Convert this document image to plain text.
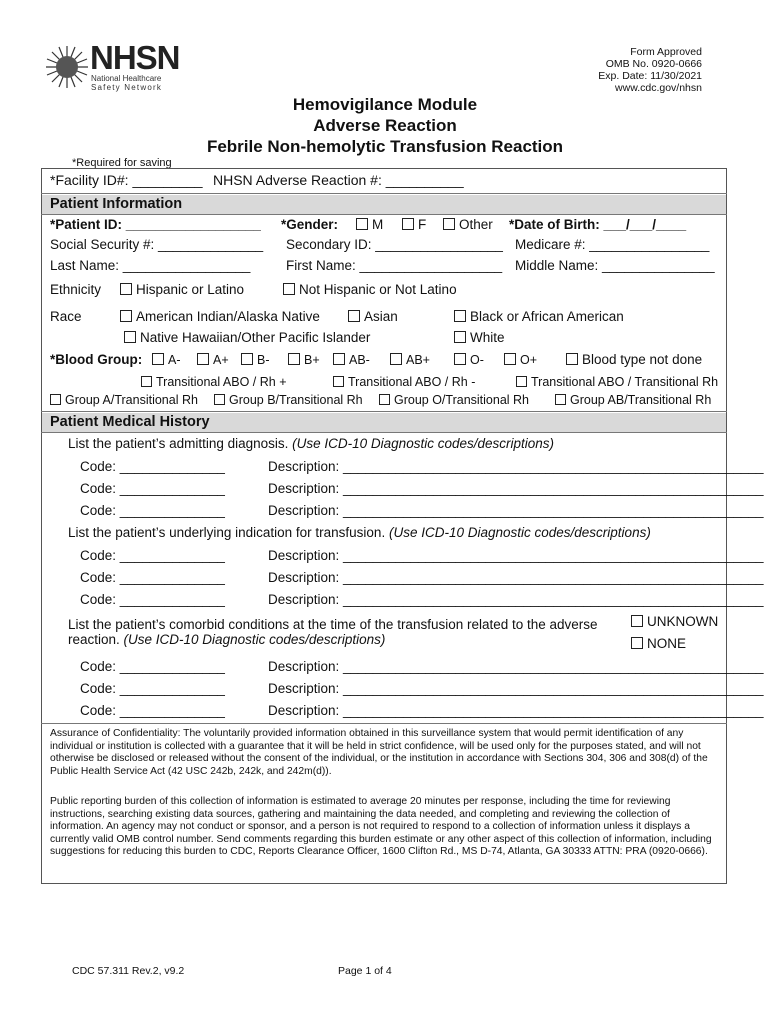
NHSN
National Healthcare
Safety Network
Form Approved
OMB No. 0920-0666
Exp. Date: 11/30/2021
www.cdc.gov/nhsn
Hemovigilance Module
Adverse Reaction
Febrile Non-hemolytic Transfusion Reaction
*Required for saving
*Facility ID#: _________ NHSN Adverse Reaction #: __________
Patient Information
*Patient ID: __________________ *Gender:	M	F	Other *Date of Birth: ___/___/____
Social Security #: ______________ Secondary ID: _________________ Medicare #: ________________
Last Name: _________________	First Name: ___________________ Middle Name: _______________
Ethnicity	Hispanic or Latino	Not Hispanic or Not Latino
Race	American Indian/Alaska Native	Asian	Black or African American
Native Hawaiian/Other Pacific Islander	White
*Blood Group:	A-	A+	B-	B+	AB-	AB+	O-	O+	Blood type not done
Transitional ABO / Rh +	Transitional ABO / Rh -	Transitional ABO / Transitional Rh
Group A/Transitional Rh	Group B/Transitional Rh	Group O/Transitional Rh	Group AB/Transitional Rh
Patient Medical History
List the patient’s admitting diagnosis. (Use ICD-10 Diagnostic codes/descriptions)
Code: ______________	Description: ________________________________________________________
Code: ______________	Description: ________________________________________________________
Code: ______________	Description: ________________________________________________________
List the patient’s underlying indication for transfusion. (Use ICD-10 Diagnostic codes/descriptions)
Code: ______________	Description: ________________________________________________________
Code: ______________	Description: ________________________________________________________
Code: ______________	Description: ________________________________________________________
List the patient’s comorbid conditions at the time of the transfusion related to the adverse
reaction. (Use ICD-10 Diagnostic codes/descriptions)
UNKNOWN
NONE
Code: ______________	Description: ________________________________________________________
Code: ______________	Description: ________________________________________________________
Code: ______________	Description: ________________________________________________________
Assurance of Confidentiality: The voluntarily provided information obtained in this surveillance system that would permit identification of any individual or institution is collected with a guarantee that it will be held in strict confidence, will be used only for the purposes stated, and will not otherwise be disclosed or released without the consent of the individual, or the institution in accordance with Sections 304, 306 and 308(d) of the Public Health Service Act (42 USC 242b, 242k, and 242m(d)).
Public reporting burden of this collection of information is estimated to average 20 minutes per response, including the time for reviewing instructions, searching existing data sources, gathering and maintaining the data needed, and completing and reviewing the collection of information. An agency may not conduct or sponsor, and a person is not required to respond to a collection of information unless it displays a currently valid OMB control number. Send comments regarding this burden estimate or any other aspect of this collection of information, including suggestions for reducing this burden to CDC, Reports Clearance Officer, 1600 Clifton Rd., MS D-74, Atlanta, GA 30333 ATTN: PRA (0920-0666).
CDC 57.311 Rev.2, v9.2	Page 1 of 4
